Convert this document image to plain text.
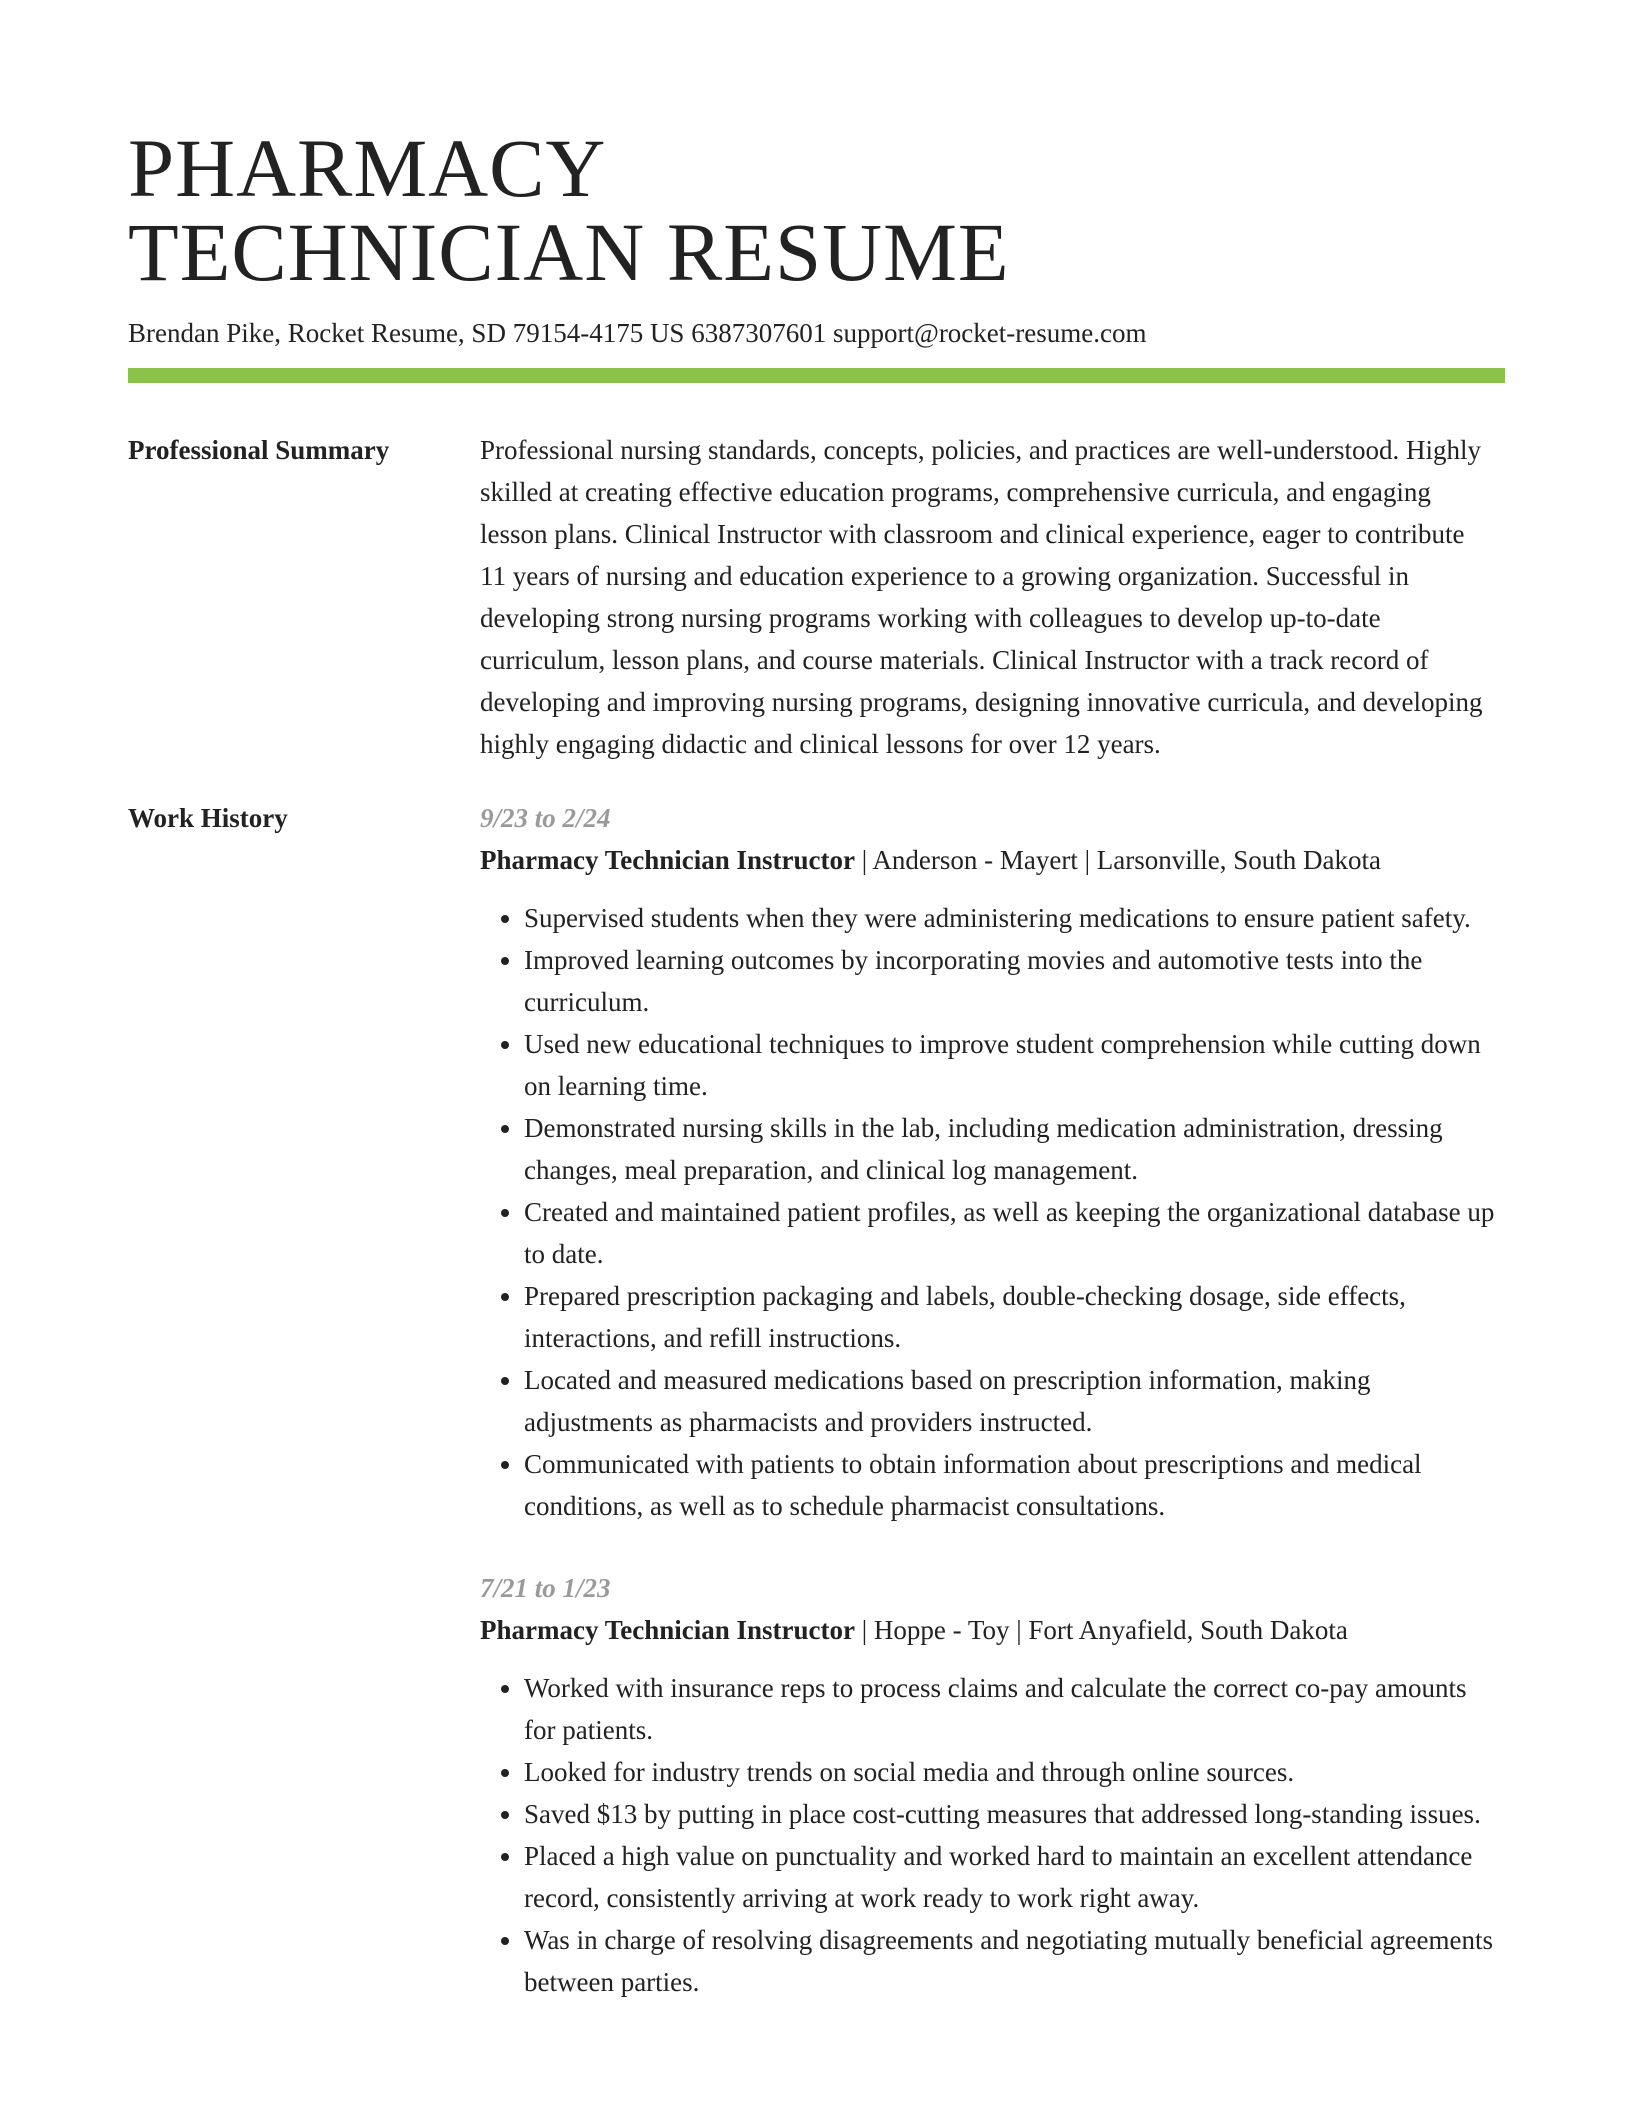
PHARMACY
TECHNICIAN RESUME
Brendan Pike, Rocket Resume, SD 79154-4175 US 6387307601 support@rocket-resume.com
Professional Summary	Professional nursing standards, concepts, policies, and practices are well-understood. Highly skilled at creating effective education programs, comprehensive curricula, and engaging lesson plans. Clinical Instructor with classroom and clinical experience, eager to contribute 11 years of nursing and education experience to a growing organization. Successful in developing strong nursing programs working with colleagues to develop up-to-date curriculum, lesson plans, and course materials. Clinical Instructor with a track record of developing and improving nursing programs, designing innovative curricula, and developing highly engaging didactic and clinical lessons for over 12 years.

Work History	9/23 to 2/24
Pharmacy Technician Instructor | Anderson - Mayert | Larsonville, South Dakota
• Supervised students when they were administering medications to ensure patient safety.
• Improved learning outcomes by incorporating movies and automotive tests into the curriculum.
• Used new educational techniques to improve student comprehension while cutting down on learning time.
• Demonstrated nursing skills in the lab, including medication administration, dressing changes, meal preparation, and clinical log management.
• Created and maintained patient profiles, as well as keeping the organizational database up to date.
• Prepared prescription packaging and labels, double-checking dosage, side effects, interactions, and refill instructions.
• Located and measured medications based on prescription information, making adjustments as pharmacists and providers instructed.
• Communicated with patients to obtain information about prescriptions and medical conditions, as well as to schedule pharmacist consultations.
7/21 to 1/23
Pharmacy Technician Instructor | Hoppe - Toy | Fort Anyafield, South Dakota
• Worked with insurance reps to process claims and calculate the correct co-pay amounts for patients.
• Looked for industry trends on social media and through online sources.
• Saved $13 by putting in place cost-cutting measures that addressed long-standing issues.
• Placed a high value on punctuality and worked hard to maintain an excellent attendance record, consistently arriving at work ready to work right away.
• Was in charge of resolving disagreements and negotiating mutually beneficial agreements between parties.
